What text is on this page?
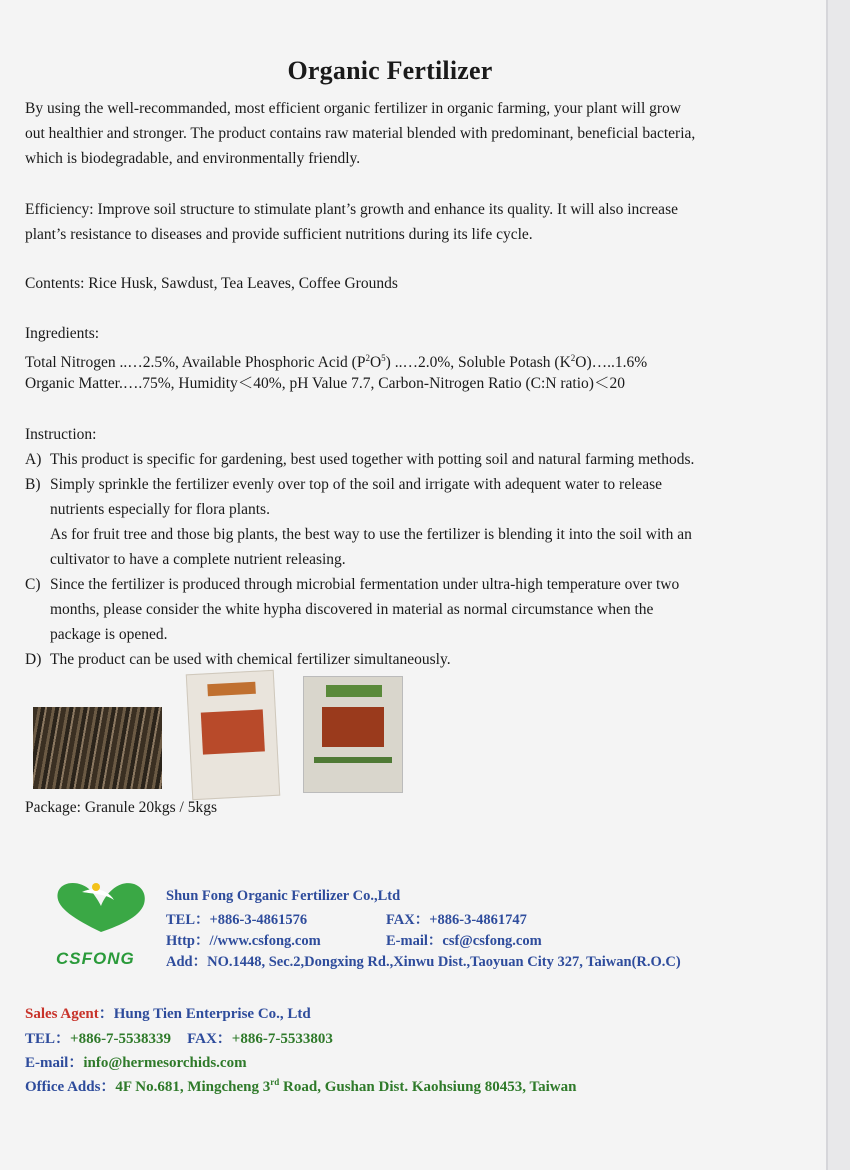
Organic Fertilizer
By using the well-recommanded, most efficient organic fertilizer in organic farming, your plant will grow
out healthier and stronger. The product contains raw material blended with predominant, beneficial bacteria,
which is biodegradable, and environmentally friendly.
Efficiency: Improve soil structure to stimulate plant’s growth and enhance its quality. It will also increase
plant’s resistance to diseases and provide sufficient nutritions during its life cycle.
Contents: Rice Husk, Sawdust, Tea Leaves, Coffee Grounds
Ingredients:
Total Nitrogen ..…2.5%, Available Phosphoric Acid $(P^2O^5)$ ..…2.0%, Soluble Potash $(K^2O)\dots..1.6\%$
Organic Matter.….75%, Humidity＜40%, pH Value 7.7, Carbon-Nitrogen Ratio (C:N ratio)＜20
Instruction:
A) This product is specific for gardening, best used together with potting soil and natural farming methods.
B) Simply sprinkle the fertilizer evenly over top of the soil and irrigate with adequent water to release
nutrients especially for flora plants.
As for fruit tree and those big plants, the best way to use the fertilizer is blending it into the soil with an
cultivator to have a complete nutrient releasing.
C) Since the fertilizer is produced through microbial fermentation under ultra-high temperature over two
months, please consider the white hypha discovered in material as normal circumstance when the
package is opened.
D) The product can be used with chemical fertilizer simultaneously.
Package: Granule 20kgs / 5kgs
CSFONG
Shun Fong Organic Fertilizer Co.,Ltd
TEL：+886-3-4861576	FAX：+886-3-4861747
Http：//www.csfong.com	E-mail：csf@csfong.com
Add：NO.1448, Sec.2,Dongxing Rd.,Xinwu Dist.,Taoyuan City 327, Taiwan(R.O.C)
Sales Agent：Hung Tien Enterprise Co., Ltd
TEL：+886-7-5538339 FAX：+886-7-5533803
E-mail：info@hermesorchids.com
Office Adds：4F No.681, Mingcheng 3rd Road, Gushan Dist. Kaohsiung 80453, Taiwan
